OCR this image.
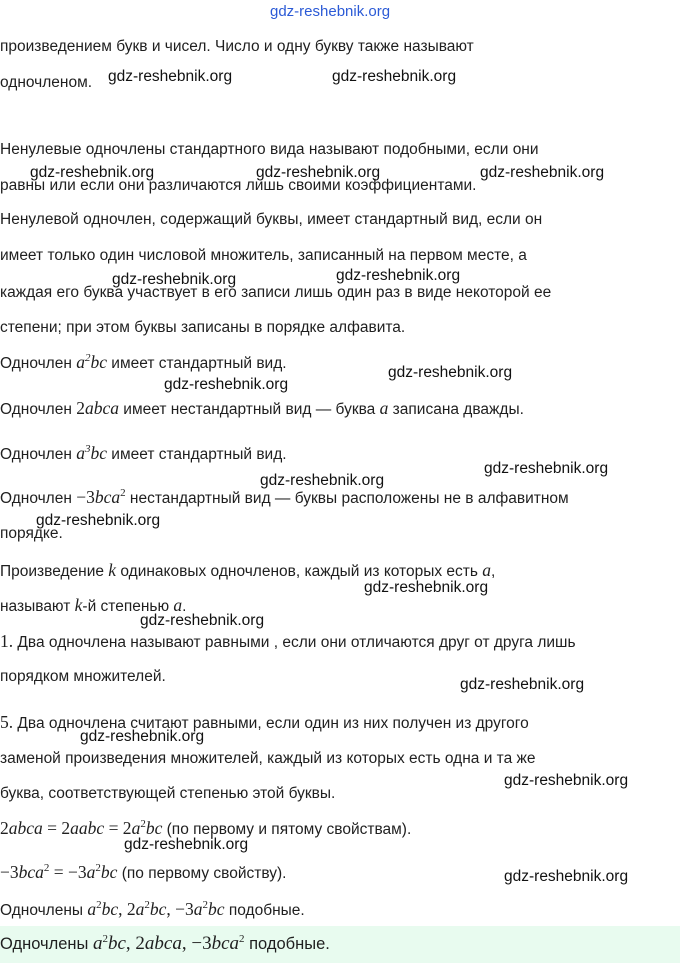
gdz-reshebnik.org
произведением букв и чисел. Число и одну букву также называют
одночленом.
Ненулевые одночлены стандартного вида называют подобными, если они
равны или если они различаются лишь своими коэффициентами.
Ненулевой одночлен, содержащий буквы, имеет стандартный вид, если он
имеет только один числовой множитель, записанный на первом месте, а
каждая его буква участвует в его записи лишь один раз в виде некоторой ее
степени; при этом буквы записаны в порядке алфавита.
Одночлен $a^2bc$ имеет стандартный вид.
Одночлен 2abca имеет нестандартный вид — буква a записана дважды.
Одночлен $a^3bc$ имеет стандартный вид.
Одночлен −3bca$^2$ нестандартный вид — буквы расположены не в алфавитном
порядке.
Произведение k одинаковых одночленов, каждый из которых есть a,
называют k-й степенью a.
1. Два одночлена называют равными , если они отличаются друг от друга лишь
порядком множителей.
5. Два одночлена считают равными, если один из них получен из другого
заменой произведения множителей, каждый из которых есть одна и та же
буква, соответствующей степенью этой буквы.
2abca = 2aabc = $2a^2bc$ (по первому и пятому свойствам).
$-3bca^2 = -3a^2bc$ (по первому свойству).
Одночлены $a^2bc$, $2a^2bc$, $-3a^2bc$ подобные.
Одночлены $a^2bc$, 2abca, −3bca$^2$ подобные.
gdz-reshebnik.org	gdz-reshebnik.org
gdz-reshebnik.org	gdz-reshebnik.org	gdz-reshebnik.org
gdz-reshebnik.org	gdz-reshebnik.org
gdz-reshebnik.org
gdz-reshebnik.org
gdz-reshebnik.org
gdz-reshebnik.org
gdz-reshebnik.org
gdz-reshebnik.org
gdz-reshebnik.org
gdz-reshebnik.org
gdz-reshebnik.org
gdz-reshebnik.org
gdz-reshebnik.org
gdz-reshebnik.org
